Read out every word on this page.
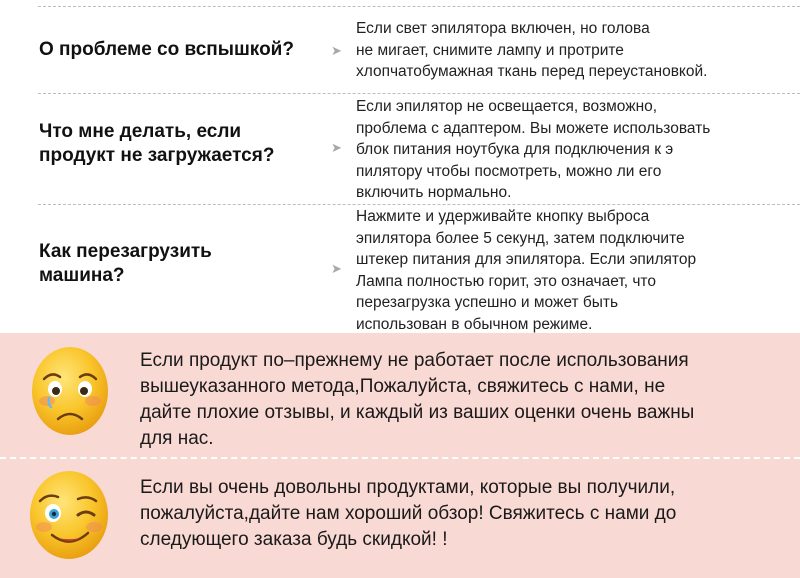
О проблеме со вспышкой?	➤
Если свет эпилятора включен, но голова
не мигает, снимите лампу и протрите
хлопчатобумажная ткань перед переустановкой.
Что мне делать, если
продукт не загружается?	➤
Если эпилятор не освещается, возможно,
проблема с адаптером. Вы можете использовать
блок питания ноутбука для подключения к э
пилятору чтобы посмотреть, можно ли его
включить нормально.
Как перезагрузить
машина?	➤
Нажмите и удерживайте кнопку выброса
эпилятора более 5 секунд, затем подключите
штекер питания для эпилятора. Если эпилятор
Лампа полностью горит, это означает, что
перезагрузка успешно и может быть
использован в обычном режиме.
Если продукт по–прежнему не работает после использования
вышеуказанного метода,Пожалуйста, свяжитесь с нами, не
дайте плохие отзывы, и каждый из ваших оценки очень важны
для нас.
Если вы очень довольны продуктами, которые вы получили,
пожалуйста,дайте нам хороший обзор! Свяжитесь с нами до
следующего заказа будь скидкой! !
